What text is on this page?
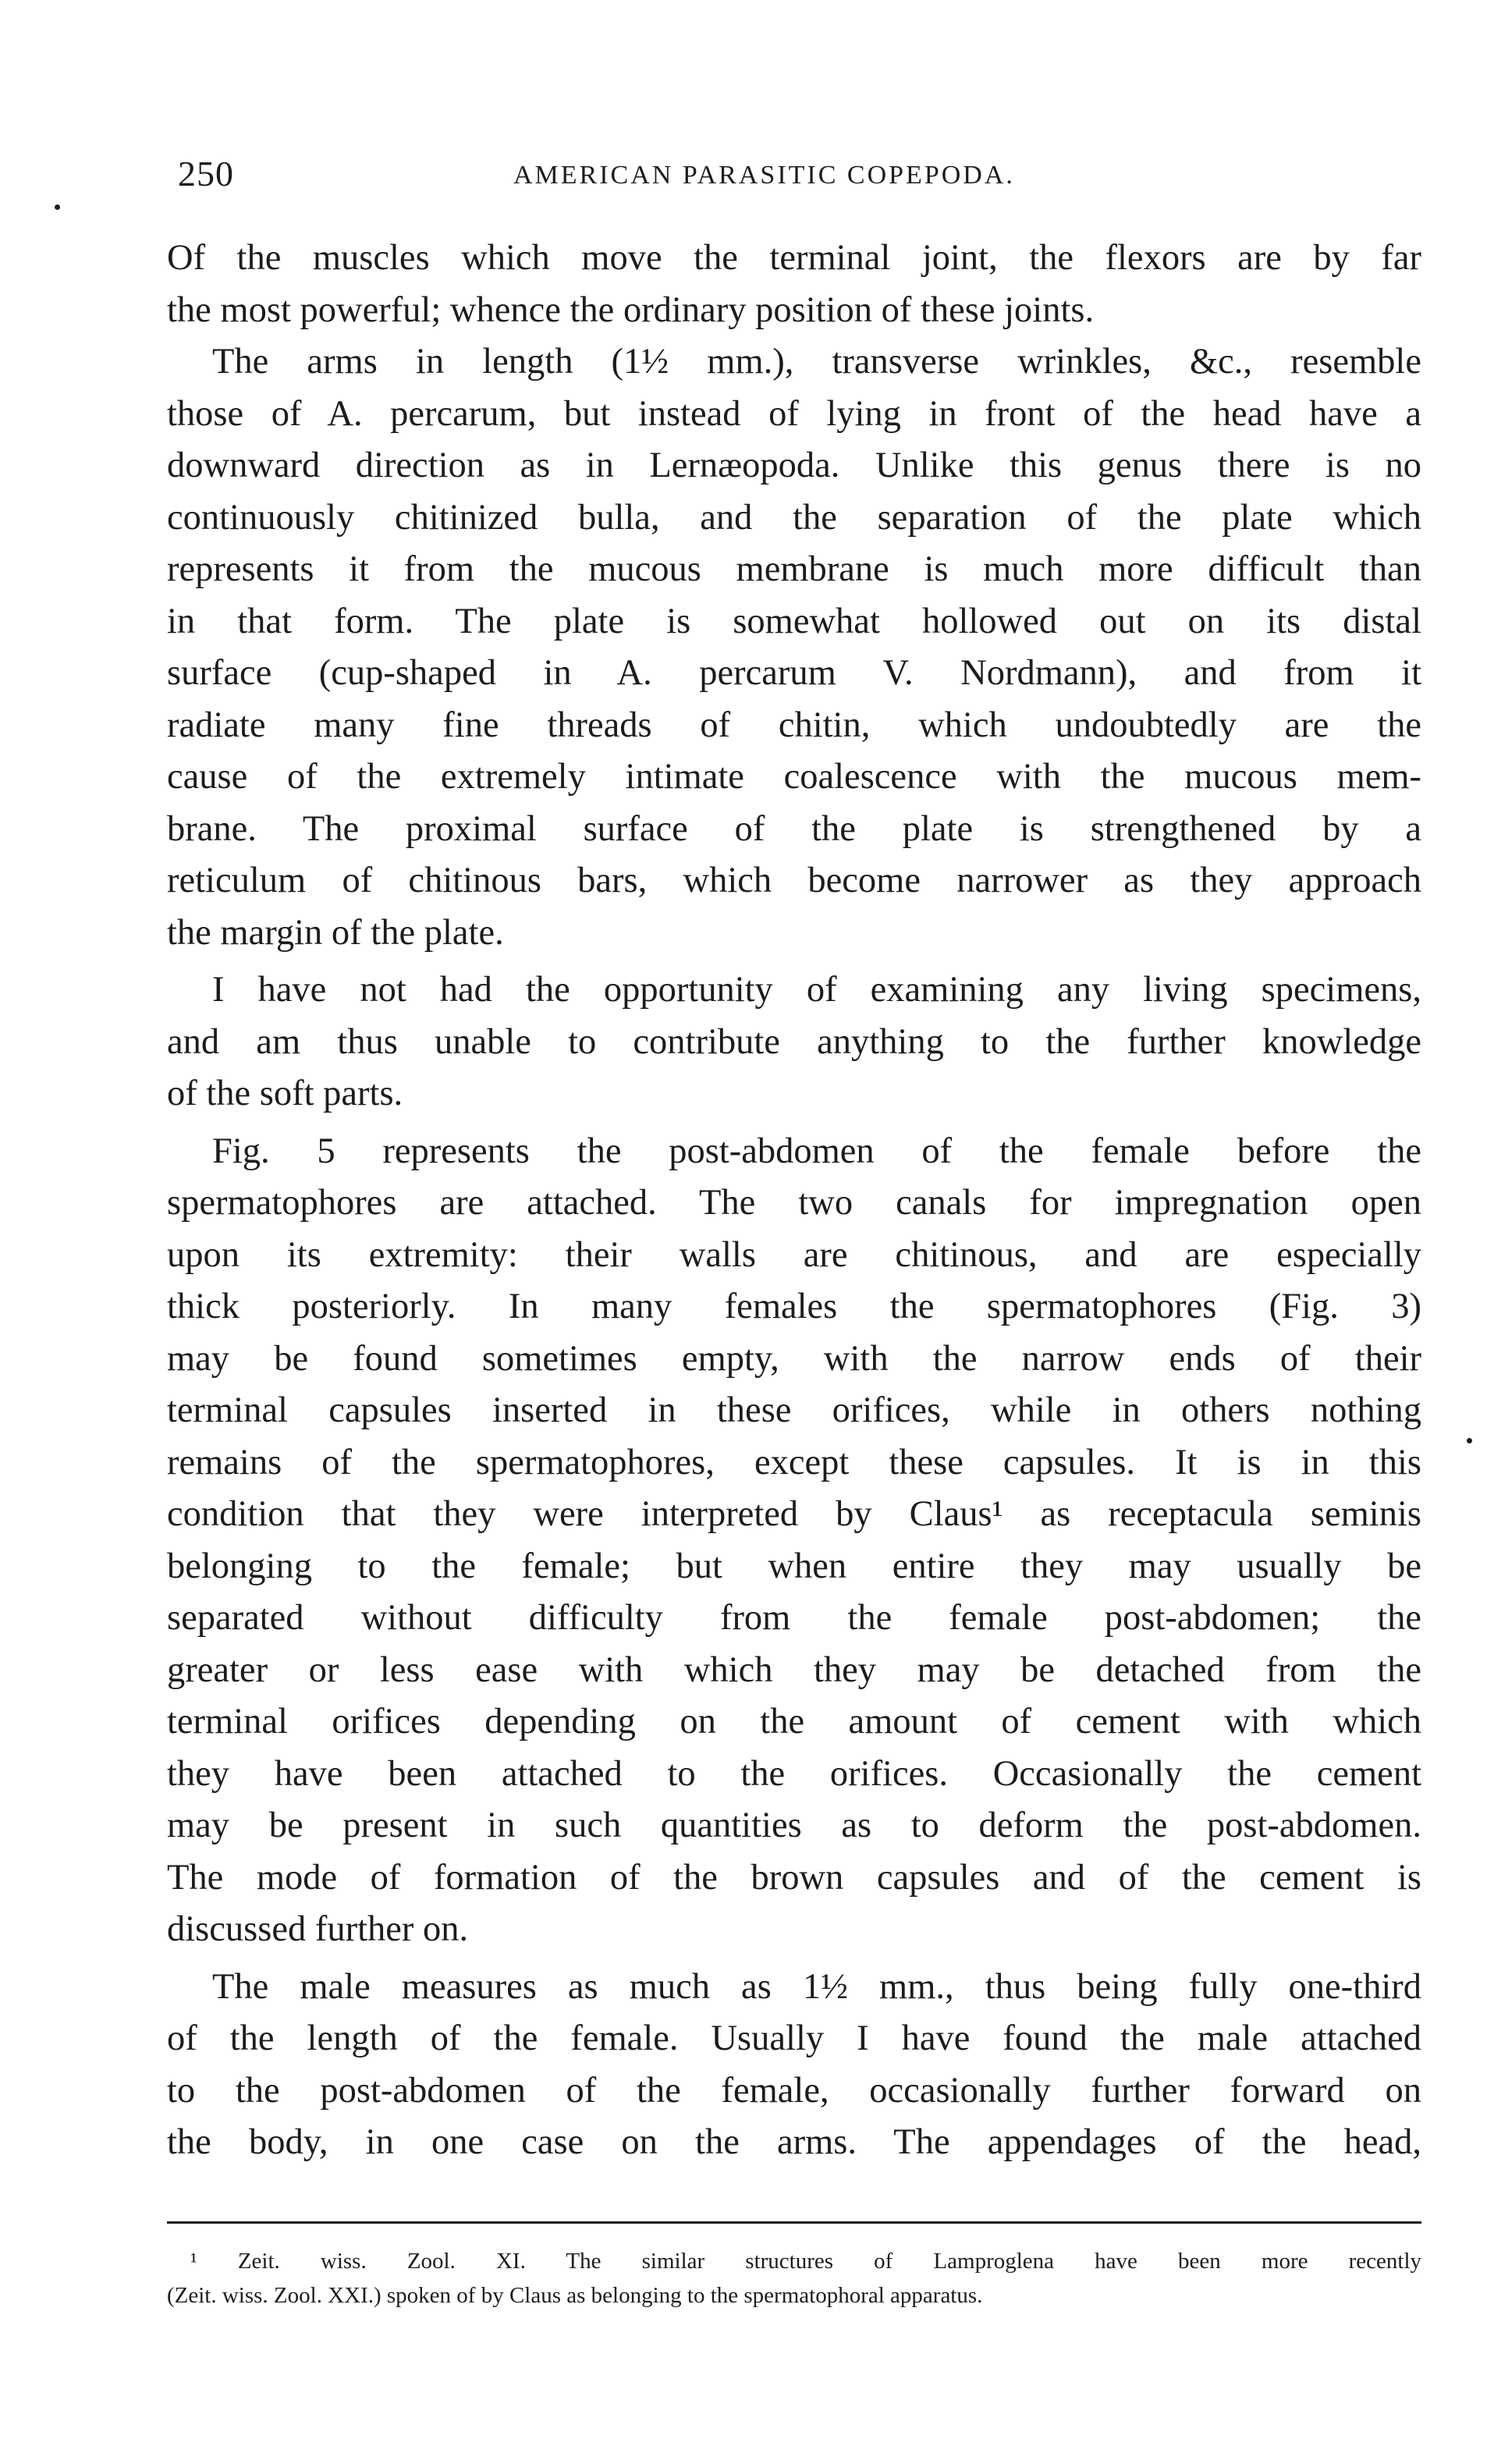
250	AMERICAN PARASITIC COPEPODA.
Of the muscles which move the terminal joint, the flexors are by far
the most powerful; whence the ordinary position of these joints.
The arms in length (1½ mm.), transverse wrinkles, &c., resemble
those of A. percarum, but instead of lying in front of the head have a
downward direction as in Lernæopoda. Unlike this genus there is no
continuously chitinized bulla, and the separation of the plate which
represents it from the mucous membrane is much more difficult than
in that form. The plate is somewhat hollowed out on its distal
surface (cup-shaped in A. percarum V. Nordmann), and from it
radiate many fine threads of chitin, which undoubtedly are the
cause of the extremely intimate coalescence with the mucous mem-
brane. The proximal surface of the plate is strengthened by a
reticulum of chitinous bars, which become narrower as they approach
the margin of the plate.
I have not had the opportunity of examining any living specimens,
and am thus unable to contribute anything to the further knowledge
of the soft parts.
Fig. 5 represents the post-abdomen of the female before the
spermatophores are attached. The two canals for impregnation open
upon its extremity: their walls are chitinous, and are especially
thick posteriorly. In many females the spermatophores (Fig. 3)
may be found sometimes empty, with the narrow ends of their
terminal capsules inserted in these orifices, while in others nothing
remains of the spermatophores, except these capsules. It is in this
condition that they were interpreted by Claus¹ as receptacula seminis
belonging to the female; but when entire they may usually be
separated without difficulty from the female post-abdomen; the
greater or less ease with which they may be detached from the
terminal orifices depending on the amount of cement with which
they have been attached to the orifices. Occasionally the cement
may be present in such quantities as to deform the post-abdomen.
The mode of formation of the brown capsules and of the cement is
discussed further on.
The male measures as much as 1½ mm., thus being fully one-third
of the length of the female. Usually I have found the male attached
to the post-abdomen of the female, occasionally further forward on
the body, in one case on the arms. The appendages of the head,
¹ Zeit. wiss. Zool. XI. The similar structures of Lamproglena have been more recently
(Zeit. wiss. Zool. XXI.) spoken of by Claus as belonging to the spermatophoral apparatus.
